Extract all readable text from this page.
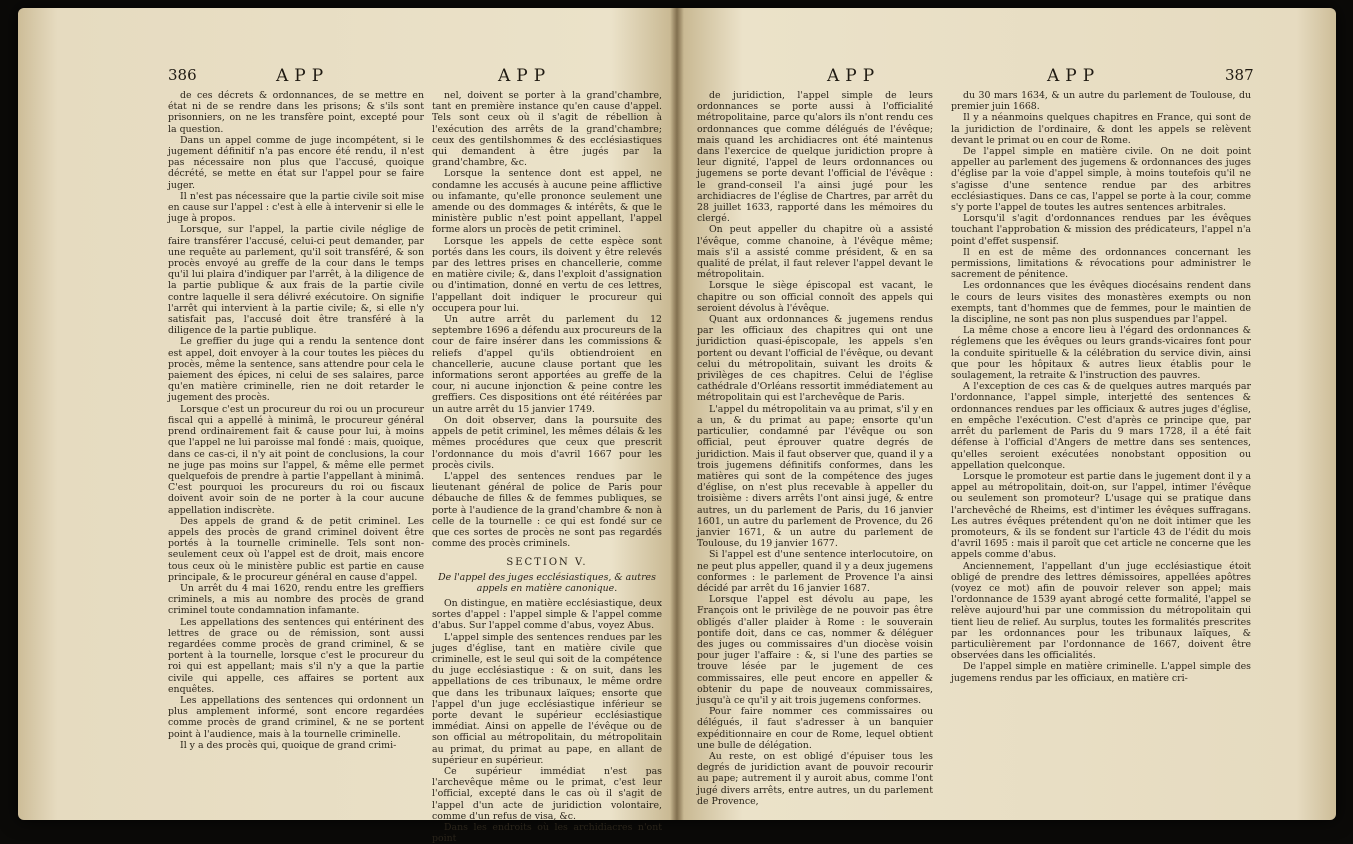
386	APP	APP

de ces décrets & ordonnances, de se mettre en état ni de se rendre dans les prisons; & s'ils sont prisonniers, on ne les transfère point, excepté pour la question.

Dans un appel comme de juge incompétent, si le jugement définitif n'a pas encore été rendu, il n'est pas nécessaire non plus que l'accusé, quoique décrété, se mette en état sur l'appel pour se faire juger.

Il n'est pas nécessaire que la partie civile soit mise en cause sur l'appel : c'est à elle à intervenir si elle le juge à propos.

Lorsque, sur l'appel, la partie civile néglige de faire transférer l'accusé, celui-ci peut demander, par une requête au parlement, qu'il soit transféré, & son procès envoyé au greffe de la cour dans le temps qu'il lui plaira d'indiquer par l'arrêt, à la diligence de la partie publique & aux frais de la partie civile contre laquelle il sera délivré exécutoire. On signifie l'arrêt qui intervient à la partie civile; &, si elle n'y satisfait pas, l'accusé doit être transféré à la diligence de la partie publique.

Le greffier du juge qui a rendu la sentence dont est appel, doit envoyer à la cour toutes les pièces du procès, même la sentence, sans attendre pour cela le paiement des épices, ni celui de ses salaires, parce qu'en matière criminelle, rien ne doit retarder le jugement des procès.

Lorsque c'est un procureur du roi ou un procureur fiscal qui a appellé à minimâ, le procureur général prend ordinairement fait & cause pour lui, à moins que l'appel ne lui paroisse mal fondé : mais, quoique, dans ce cas-ci, il n'y ait point de conclusions, la cour ne juge pas moins sur l'appel, & même elle permet quelquefois de prendre à partie l'appellant à minimâ. C'est pourquoi les procureurs du roi ou fiscaux doivent avoir soin de ne porter à la cour aucune appellation indiscrète.

Des appels de grand & de petit criminel. Les appels des procès de grand criminel doivent être portés à la tournelle criminelle. Tels sont non-seulement ceux où l'appel est de droit, mais encore tous ceux où le ministère public est partie en cause principale, & le procureur général en cause d'appel.

Un arrêt du 4 mai 1620, rendu entre les greffiers criminels, a mis au nombre des procès de grand criminel toute condamnation infamante.

Les appellations des sentences qui entérinent des lettres de grace ou de rémission, sont aussi regardées comme procès de grand criminel, & se portent à la tournelle, lorsque c'est le procureur du roi qui est appellant; mais s'il n'y a que la partie civile qui appelle, ces affaires se portent aux enquêtes.

Les appellations des sentences qui ordonnent un plus amplement informé, sont encore regardées comme procès de grand criminel, & ne se portent point à l'audience, mais à la tournelle criminelle.

Il y a des procès qui, quoique de grand crimi-

nel, doivent se porter à la grand'chambre, tant en première instance qu'en cause d'appel. Tels sont ceux où il s'agit de rébellion à l'exécution des arrêts de la grand'chambre; ceux des gentilshommes & des ecclésiastiques qui demandent à être jugés par la grand'chambre, &c.

Lorsque la sentence dont est appel, ne condamne les accusés à aucune peine afflictive ou infamante, qu'elle prononce seulement une amende ou des dommages & intérêts, & que le ministère public n'est point appellant, l'appel forme alors un procès de petit criminel.

Lorsque les appels de cette espèce sont portés dans les cours, ils doivent y être relevés par des lettres prises en chancellerie, comme en matière civile; &, dans l'exploit d'assignation ou d'intimation, donné en vertu de ces lettres, l'appellant doit indiquer le procureur qui occupera pour lui.

Un autre arrêt du parlement du 12 septembre 1696 a défendu aux procureurs de la cour de faire insérer dans les commissions & reliefs d'appel qu'ils obtiendroient en chancellerie, aucune clause portant que les informations seront apportées au greffe de la cour, ni aucune injonction & peine contre les greffiers. Ces dispositions ont été réitérées par un autre arrêt du 15 janvier 1749.

On doit observer, dans la poursuite des appels de petit criminel, les mêmes délais & les mêmes procédures que ceux que prescrit l'ordonnance du mois d'avril 1667 pour les procès civils.

L'appel des sentences rendues par le lieutenant général de police de Paris pour débauche de filles & de femmes publiques, se porte à l'audience de la grand'chambre & non à celle de la tournelle : ce qui est fondé sur ce que ces sortes de procès ne sont pas regardés comme des procès criminels.

SECTION V.

De l'appel des juges ecclésiastiques, & autres appels en matière canonique.

On distingue, en matière ecclésiastique, deux sortes d'appel : l'appel simple & l'appel comme d'abus. Sur l'appel comme d'abus, voyez Abus.

L'appel simple des sentences rendues par les juges d'église, tant en matière civile que criminelle, est le seul qui soit de la compétence du juge ecclésiastique : & on suit, dans les appellations de ces tribunaux, le même ordre que dans les tribunaux laïques; ensorte que l'appel d'un juge ecclésiastique inférieur se porte devant le supérieur ecclésiastique immédiat. Ainsi on appelle de l'évêque ou de son official au métropolitain, du métropolitain au primat, du primat au pape, en allant de supérieur en supérieur.

Ce supérieur immédiat n'est pas l'archevêque même ou le primat, c'est leur l'official, excepté dans le cas où il s'agit de l'appel d'un acte de juridiction volontaire, comme d'un refus de visa, &c.

Dans les endroits où les archidiacres n'ont point

APP	APP	387

de juridiction, l'appel simple de leurs ordonnances se porte aussi à l'officialité métropolitaine, parce qu'alors ils n'ont rendu ces ordonnances que comme délégués de l'évêque; mais quand les archidiacres ont été maintenus dans l'exercice de quelque juridiction propre à leur dignité, l'appel de leurs ordonnances ou jugemens se porte devant l'official de l'évêque : le grand-conseil l'a ainsi jugé pour les archidiacres de l'église de Chartres, par arrêt du 28 juillet 1633, rapporté dans les mémoires du clergé.

On peut appeller du chapitre où a assisté l'évêque, comme chanoine, à l'évêque même; mais s'il a assisté comme président, & en sa qualité de prélat, il faut relever l'appel devant le métropolitain.

Lorsque le siège épiscopal est vacant, le chapitre ou son official connoît des appels qui seroient dévolus à l'évêque.

Quant aux ordonnances & jugemens rendus par les officiaux des chapitres qui ont une juridiction quasi-épiscopale, les appels s'en portent ou devant l'official de l'évêque, ou devant celui du métropolitain, suivant les droits & privilèges de ces chapitres. Celui de l'église cathédrale d'Orléans ressortit immédiatement au métropolitain qui est l'archevêque de Paris.

L'appel du métropolitain va au primat, s'il y en a un, & du primat au pape; ensorte qu'un particulier, condamné par l'évêque ou son official, peut éprouver quatre degrés de juridiction. Mais il faut observer que, quand il y a trois jugemens définitifs conformes, dans les matières qui sont de la compétence des juges d'église, on n'est plus recevable à appeller du troisième : divers arrêts l'ont ainsi jugé, & entre autres, un du parlement de Paris, du 16 janvier 1601, un autre du parlement de Provence, du 26 janvier 1671, & un autre du parlement de Toulouse, du 19 janvier 1677.

Si l'appel est d'une sentence interlocutoire, on ne peut plus appeller, quand il y a deux jugemens conformes : le parlement de Provence l'a ainsi décidé par arrêt du 16 janvier 1687.

Lorsque l'appel est dévolu au pape, les François ont le privilège de ne pouvoir pas être obligés d'aller plaider à Rome : le souverain pontife doit, dans ce cas, nommer & déléguer des juges ou commissaires d'un diocèse voisin pour juger l'affaire : &, si l'une des parties se trouve lésée par le jugement de ces commissaires, elle peut encore en appeller & obtenir du pape de nouveaux commissaires, jusqu'à ce qu'il y ait trois jugemens conformes.

Pour faire nommer ces commissaires ou délégués, il faut s'adresser à un banquier expéditionnaire en cour de Rome, lequel obtient une bulle de délégation.

Au reste, on est obligé d'épuiser tous les degrés de juridiction avant de pouvoir recourir au pape; autrement il y auroit abus, comme l'ont jugé divers arrêts, entre autres, un du parlement de Provence,

du 30 mars 1634, & un autre du parlement de Toulouse, du premier juin 1668.

Il y a néanmoins quelques chapitres en France, qui sont de la juridiction de l'ordinaire, & dont les appels se relèvent devant le primat ou en cour de Rome.

De l'appel simple en matière civile. On ne doit point appeller au parlement des jugemens & ordonnances des juges d'église par la voie d'appel simple, à moins toutefois qu'il ne s'agisse d'une sentence rendue par des arbitres ecclésiastiques. Dans ce cas, l'appel se porte à la cour, comme s'y porte l'appel de toutes les autres sentences arbitrales.

Lorsqu'il s'agit d'ordonnances rendues par les évêques touchant l'approbation & mission des prédicateurs, l'appel n'a point d'effet suspensif.

Il en est de même des ordonnances concernant les permissions, limitations & révocations pour administrer le sacrement de pénitence.

Les ordonnances que les évêques diocésains rendent dans le cours de leurs visites des monastères exempts ou non exempts, tant d'hommes que de femmes, pour le maintien de la discipline, ne sont pas non plus suspendues par l'appel.

La même chose a encore lieu à l'égard des ordonnances & réglemens que les évêques ou leurs grands-vicaires font pour la conduite spirituelle & la célébration du service divin, ainsi que pour les hôpitaux & autres lieux établis pour le soulagement, la retraite & l'instruction des pauvres.

A l'exception de ces cas & de quelques autres marqués par l'ordonnance, l'appel simple, interjetté des sentences & ordonnances rendues par les officiaux & autres juges d'église, en empêche l'exécution. C'est d'après ce principe que, par arrêt du parlement de Paris du 9 mars 1728, il a été fait défense à l'official d'Angers de mettre dans ses sentences, qu'elles seroient exécutées nonobstant opposition ou appellation quelconque.

Lorsque le promoteur est partie dans le jugement dont il y a appel au métropolitain, doit-on, sur l'appel, intimer l'évêque ou seulement son promoteur? L'usage qui se pratique dans l'archevêché de Rheims, est d'intimer les évêques suffragans. Les autres évêques prétendent qu'on ne doit intimer que les promoteurs, & ils se fondent sur l'article 43 de l'édit du mois d'avril 1695 : mais il paroît que cet article ne concerne que les appels comme d'abus.

Anciennement, l'appellant d'un juge ecclésiastique étoit obligé de prendre des lettres démissoires, appellées apôtres (voyez ce mot) afin de pouvoir relever son appel; mais l'ordonnance de 1539 ayant abrogé cette formalité, l'appel se relève aujourd'hui par une commission du métropolitain qui tient lieu de relief. Au surplus, toutes les formalités prescrites par les ordonnances pour les tribunaux laïques, & particulièrement par l'ordonnance de 1667, doivent être observées dans les officialités.

De l'appel simple en matière criminelle. L'appel simple des jugemens rendus par les officiaux, en matière cri-
